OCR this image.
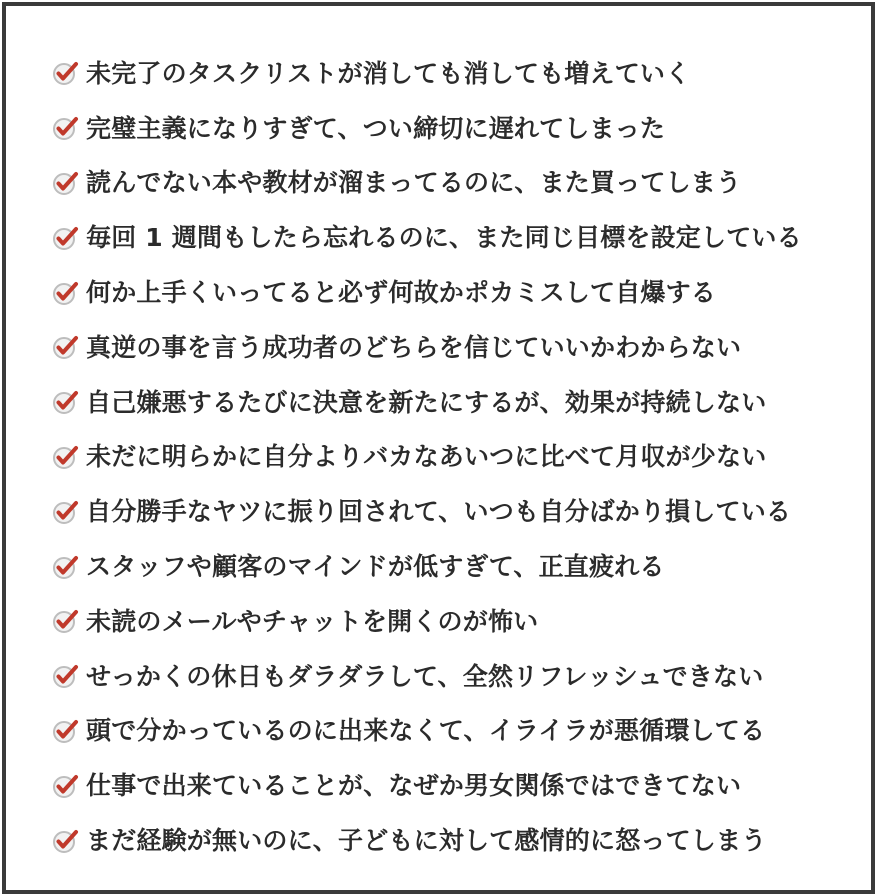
未完了のタスクリストが消しても消しても増えていく
完璧主義になりすぎて、つい締切に遅れてしまった
読んでない本や教材が溜まってるのに、また買ってしまう
毎回 1 週間もしたら忘れるのに、また同じ目標を設定している
何か上手くいってると必ず何故かポカミスして自爆する
真逆の事を言う成功者のどちらを信じていいかわからない
自己嫌悪するたびに決意を新たにするが、効果が持続しない
未だに明らかに自分よりバカなあいつに比べて月収が少ない
自分勝手なヤツに振り回されて、いつも自分ばかり損している
スタッフや顧客のマインドが低すぎて、正直疲れる
未読のメールやチャットを開くのが怖い
せっかくの休日もダラダラして、全然リフレッシュできない
頭で分かっているのに出来なくて、イライラが悪循環してる
仕事で出来ていることが、なぜか男女関係ではできてない
まだ経験が無いのに、子どもに対して感情的に怒ってしまう
